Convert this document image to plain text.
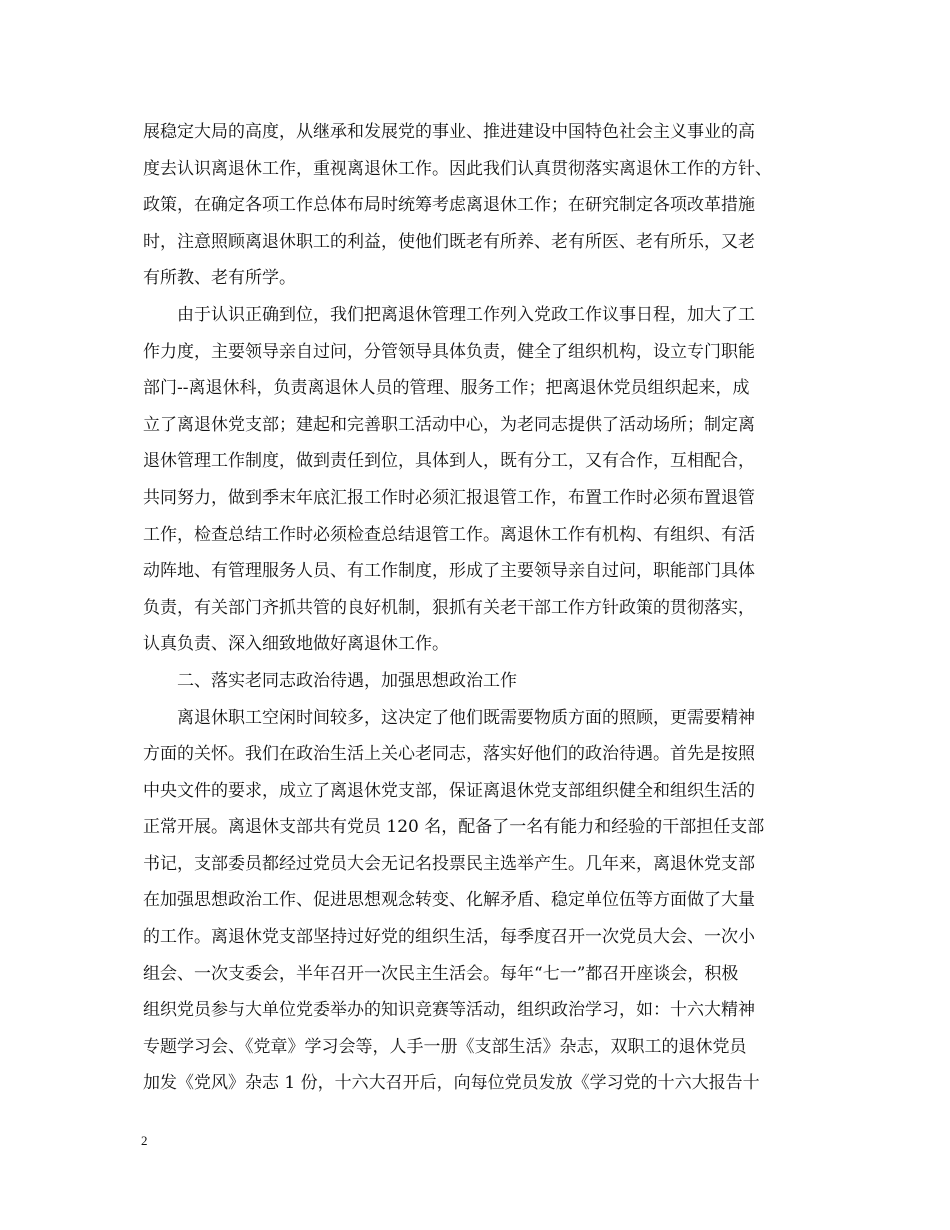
展稳定大局的高度，从继承和发展党的事业、推进建设中国特色社会主义事业的高
度去认识离退休工作，重视离退休工作。因此我们认真贯彻落实离退休工作的方针、
政策，在确定各项工作总体布局时统筹考虑离退休工作；在研究制定各项改革措施
时，注意照顾离退休职工的利益，使他们既老有所养、老有所医、老有所乐，又老
有所教、老有所学。
　　由于认识正确到位，我们把离退休管理工作列入党政工作议事日程，加大了工
作力度，主要领导亲自过问，分管领导具体负责，健全了组织机构，设立专门职能
部门--离退休科，负责离退休人员的管理、服务工作；把离退休党员组织起来，成
立了离退休党支部；建起和完善职工活动中心，为老同志提供了活动场所；制定离
退休管理工作制度，做到责任到位，具体到人，既有分工，又有合作，互相配合，
共同努力，做到季末年底汇报工作时必须汇报退管工作，布置工作时必须布置退管
工作，检查总结工作时必须检查总结退管工作。离退休工作有机构、有组织、有活
动阵地、有管理服务人员、有工作制度，形成了主要领导亲自过问，职能部门具体
负责，有关部门齐抓共管的良好机制，狠抓有关老干部工作方针政策的贯彻落实，
认真负责、深入细致地做好离退休工作。
　　二、落实老同志政治待遇，加强思想政治工作
　　离退休职工空闲时间较多，这决定了他们既需要物质方面的照顾，更需要精神
方面的关怀。我们在政治生活上关心老同志，落实好他们的政治待遇。首先是按照
中央文件的要求，成立了离退休党支部，保证离退休党支部组织健全和组织生活的
正常开展。离退休支部共有党员 120 名，配备了一名有能力和经验的干部担任支部
书记，支部委员都经过党员大会无记名投票民主选举产生。几年来，离退休党支部
在加强思想政治工作、促进思想观念转变、化解矛盾、稳定单位伍等方面做了大量
的工作。离退休党支部坚持过好党的组织生活，每季度召开一次党员大会、一次小
组会、一次支委会，半年召开一次民主生活会。每年“七一”都召开座谈会，积极
组织党员参与大单位党委举办的知识竞赛等活动，组织政治学习，如：十六大精神
专题学习会、《党章》学习会等，人手一册《支部生活》杂志，双职工的退休党员
加发《党风》杂志 1 份，十六大召开后，向每位党员发放《学习党的十六大报告十
2
